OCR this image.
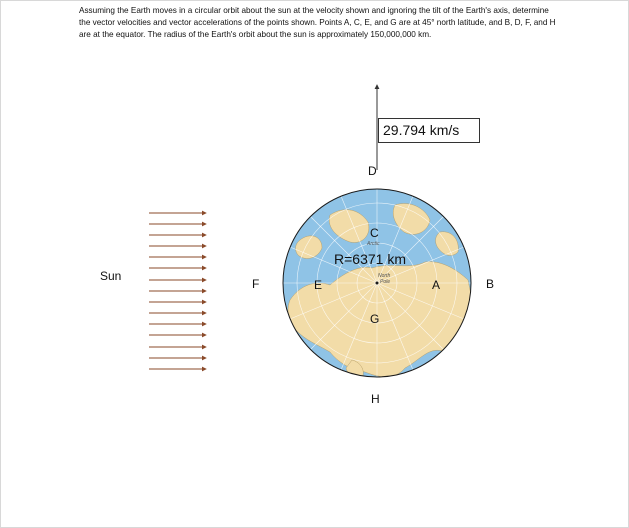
Assuming the Earth moves in a circular orbit about the sun at the velocity shown and ignoring the tilt of the Earth's axis, determine the vector velocities and vector accelerations of the points shown. Points A, C, E, and G are at 45° north latitude, and B, D, F, and H are at the equator. The radius of the Earth's orbit about the sun is approximately 150,000,000 km.
Sun
29.794 km/s
D
C
Arctic
R=6371 km
North
Pole
E	A
F	B
G
H
